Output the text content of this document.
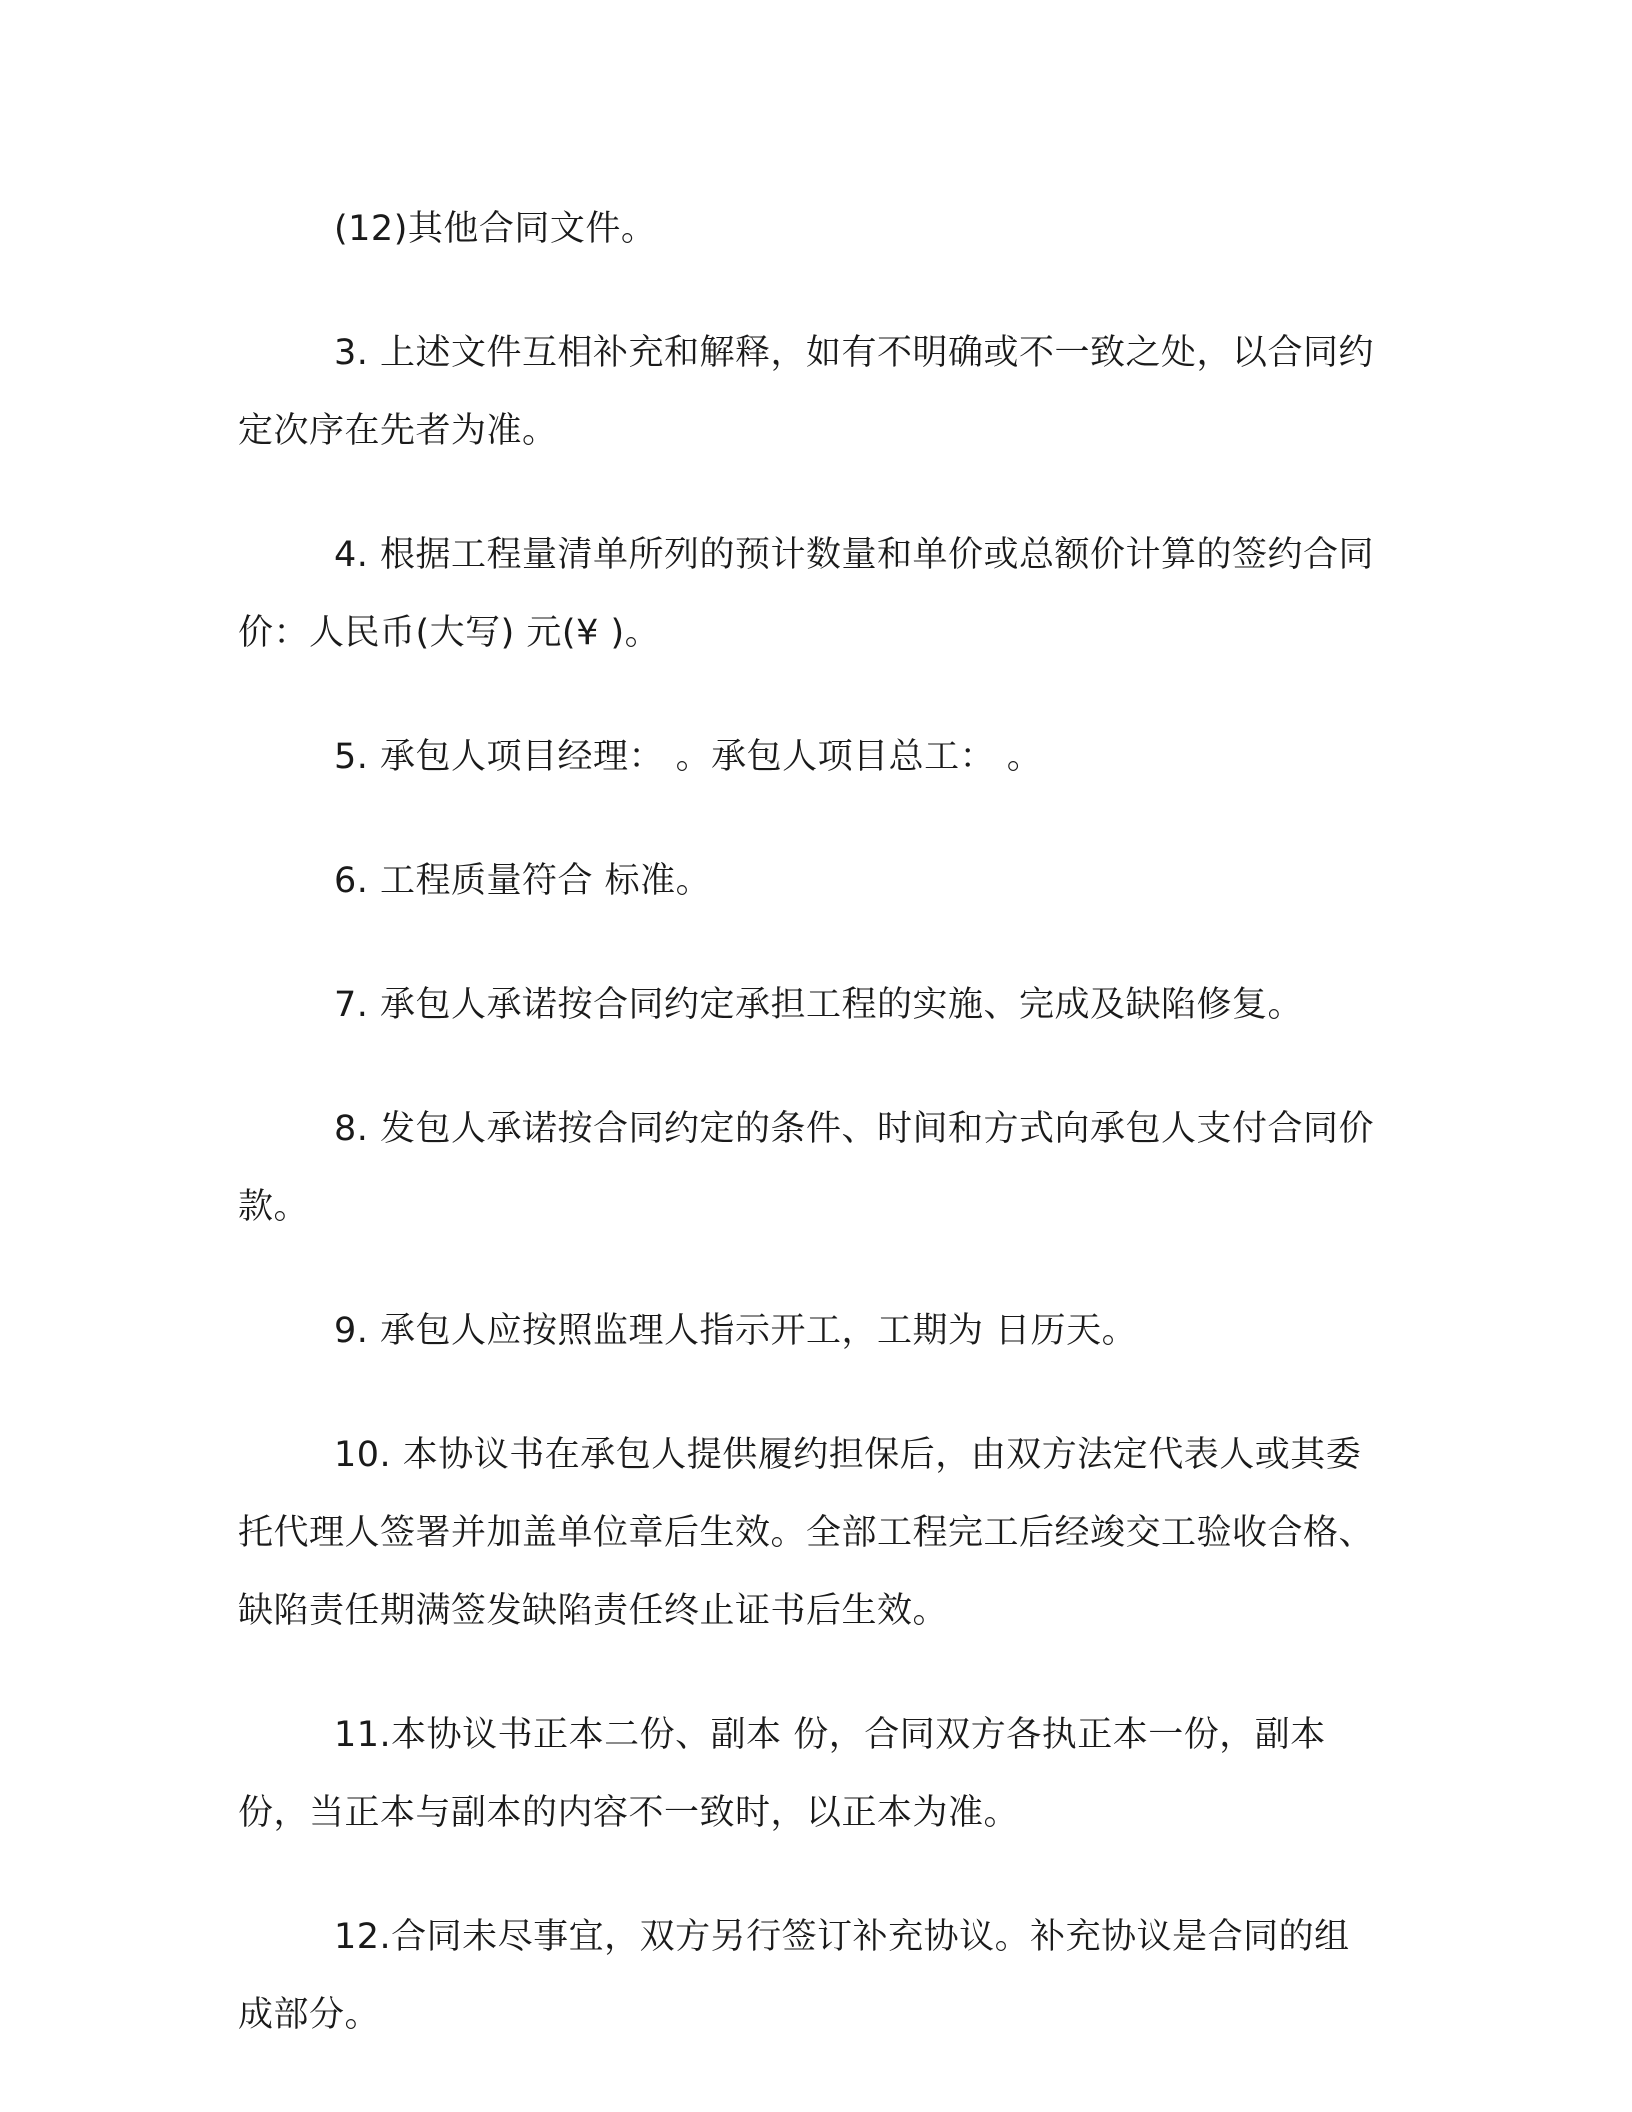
(12)其他合同文件。

3. 上述文件互相补充和解释，如有不明确或不一致之处，以合同约定次序在先者为准。

4. 根据工程量清单所列的预计数量和单价或总额价计算的签约合同价：人民币(大写) 元(¥ )。

5. 承包人项目经理： 。承包人项目总工： 。

6. 工程质量符合 标准。

7. 承包人承诺按合同约定承担工程的实施、完成及缺陷修复。

8. 发包人承诺按合同约定的条件、时间和方式向承包人支付合同价款。

9. 承包人应按照监理人指示开工，工期为 日历天。

10. 本协议书在承包人提供履约担保后，由双方法定代表人或其委托代理人签署并加盖单位章后生效。全部工程完工后经竣交工验收合格、缺陷责任期满签发缺陷责任终止证书后生效。

11.本协议书正本二份、副本 份，合同双方各执正本一份，副本 份，当正本与副本的内容不一致时，以正本为准。

12.合同未尽事宜，双方另行签订补充协议。补充协议是合同的组成部分。
